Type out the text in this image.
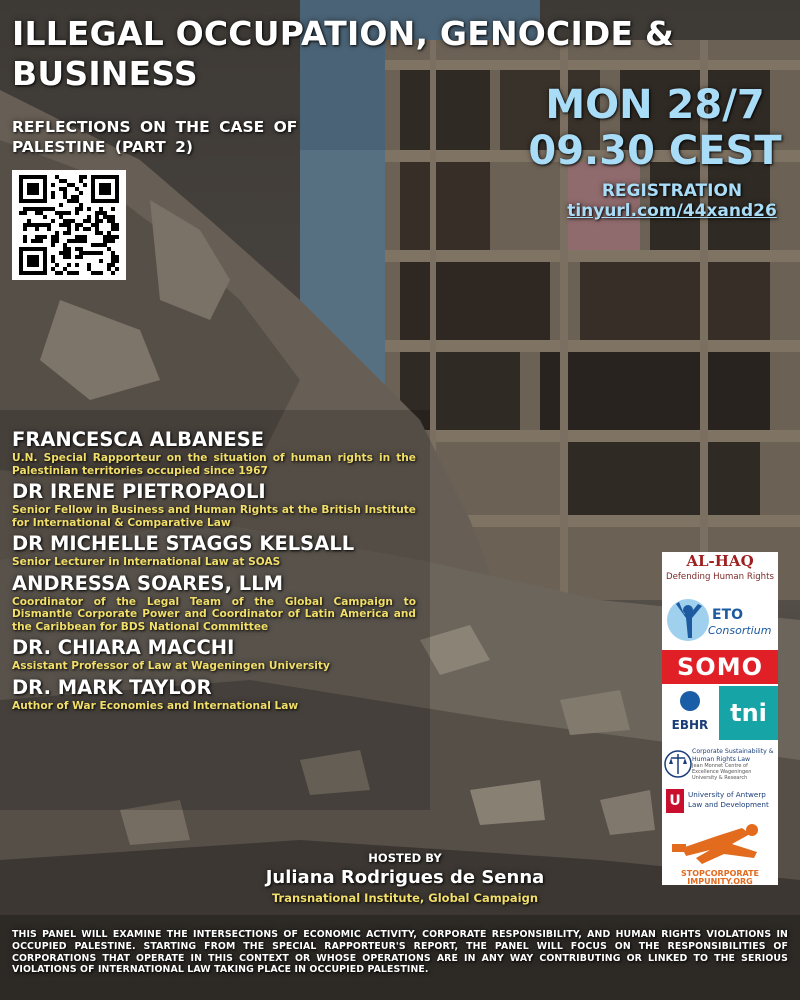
ILLEGAL OCCUPATION, GENOCIDE & BUSINESS
REFLECTIONS ON THE CASE OF PALESTINE (PART 2)
MON 28/7
09.30 CEST
REGISTRATION
tinyurl.com/44xand26
FRANCESCA ALBANESE
U.N. Special Rapporteur on the situation of human rights in the Palestinian territories occupied since 1967
DR IRENE PIETROPAOLI
Senior Fellow in Business and Human Rights at the British Institute for International & Comparative Law
DR MICHELLE STAGGS KELSALL
Senior Lecturer in International Law at SOAS
ANDRESSA SOARES, LLM
Coordinator of the Legal Team of the Global Campaign to Dismantle Corporate Power and Coordinator of Latin America and the Caribbean for BDS National Committee
DR. CHIARA MACCHI
Assistant Professor of Law at Wageningen University
DR. MARK TAYLOR
Author of War Economies and International Law
HOSTED BY
Juliana Rodrigues de Senna
Transnational Institute, Global Campaign

THIS PANEL WILL EXAMINE THE INTERSECTIONS OF ECONOMIC ACTIVITY, CORPORATE RESPONSIBILITY, AND HUMAN RIGHTS VIOLATIONS IN OCCUPIED PALESTINE. STARTING FROM THE SPECIAL RAPPORTEUR'S REPORT, THE PANEL WILL FOCUS ON THE RESPONSIBILITIES OF CORPORATIONS THAT OPERATE IN THIS CONTEXT OR WHOSE OPERATIONS ARE IN ANY WAY CONTRIBUTING OR LINKED TO THE SERIOUS VIOLATIONS OF INTERNATIONAL LAW TAKING PLACE IN OCCUPIED PALESTINE.

AL-HAQ
Defending Human Rights
ETO
Consortium
SOMO
EBHR tni
Corporate Sustainability & Human Rights Law
Jean Monnet Centre of Excellence Wageningen University & Research
U	University of Antwerp
Law and Development
STOPCORPORATE IMPUNITY.ORG
